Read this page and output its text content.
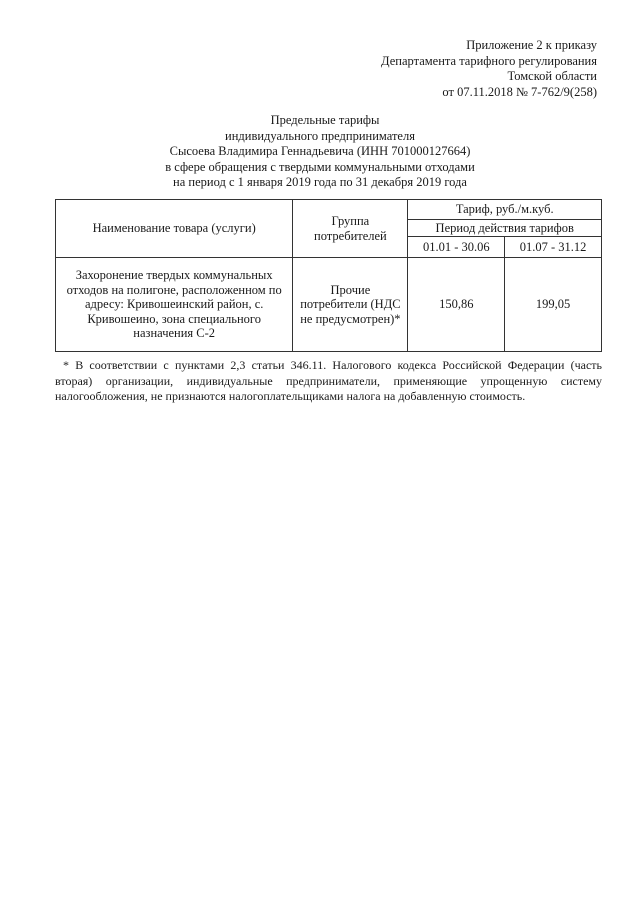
Приложение 2 к приказу
Департамента тарифного регулирования
Томской области
от 07.11.2018 № 7-762/9(258)
Предельные тарифы
индивидуального предпринимателя
Сысоева Владимира Геннадьевича (ИНН 701000127664)
в сфере обращения с твердыми коммунальными отходами
на период с 1 января 2019 года по 31 декабря 2019 года
Наименование товара (услуги)	Группа потребителей	Тариф, руб./м.куб.	
		Период действия тарифов	
		01.01 - 30.06	01.07 - 31.12
Захоронение твердых коммунальных отходов на полигоне, расположенном по адресу: Кривошеинский район, с. Кривошеино, зона специального назначения С-2	Прочие потребители (НДС не предусмотрен)*	150,86	199,05
* В соответствии с пунктами 2,3 статьи 346.11. Налогового кодекса Российской Федерации (часть вторая) организации, индивидуальные предприниматели, применяющие упрощенную систему налогообложения, не признаются налогоплательщиками налога на добавленную стоимость.
